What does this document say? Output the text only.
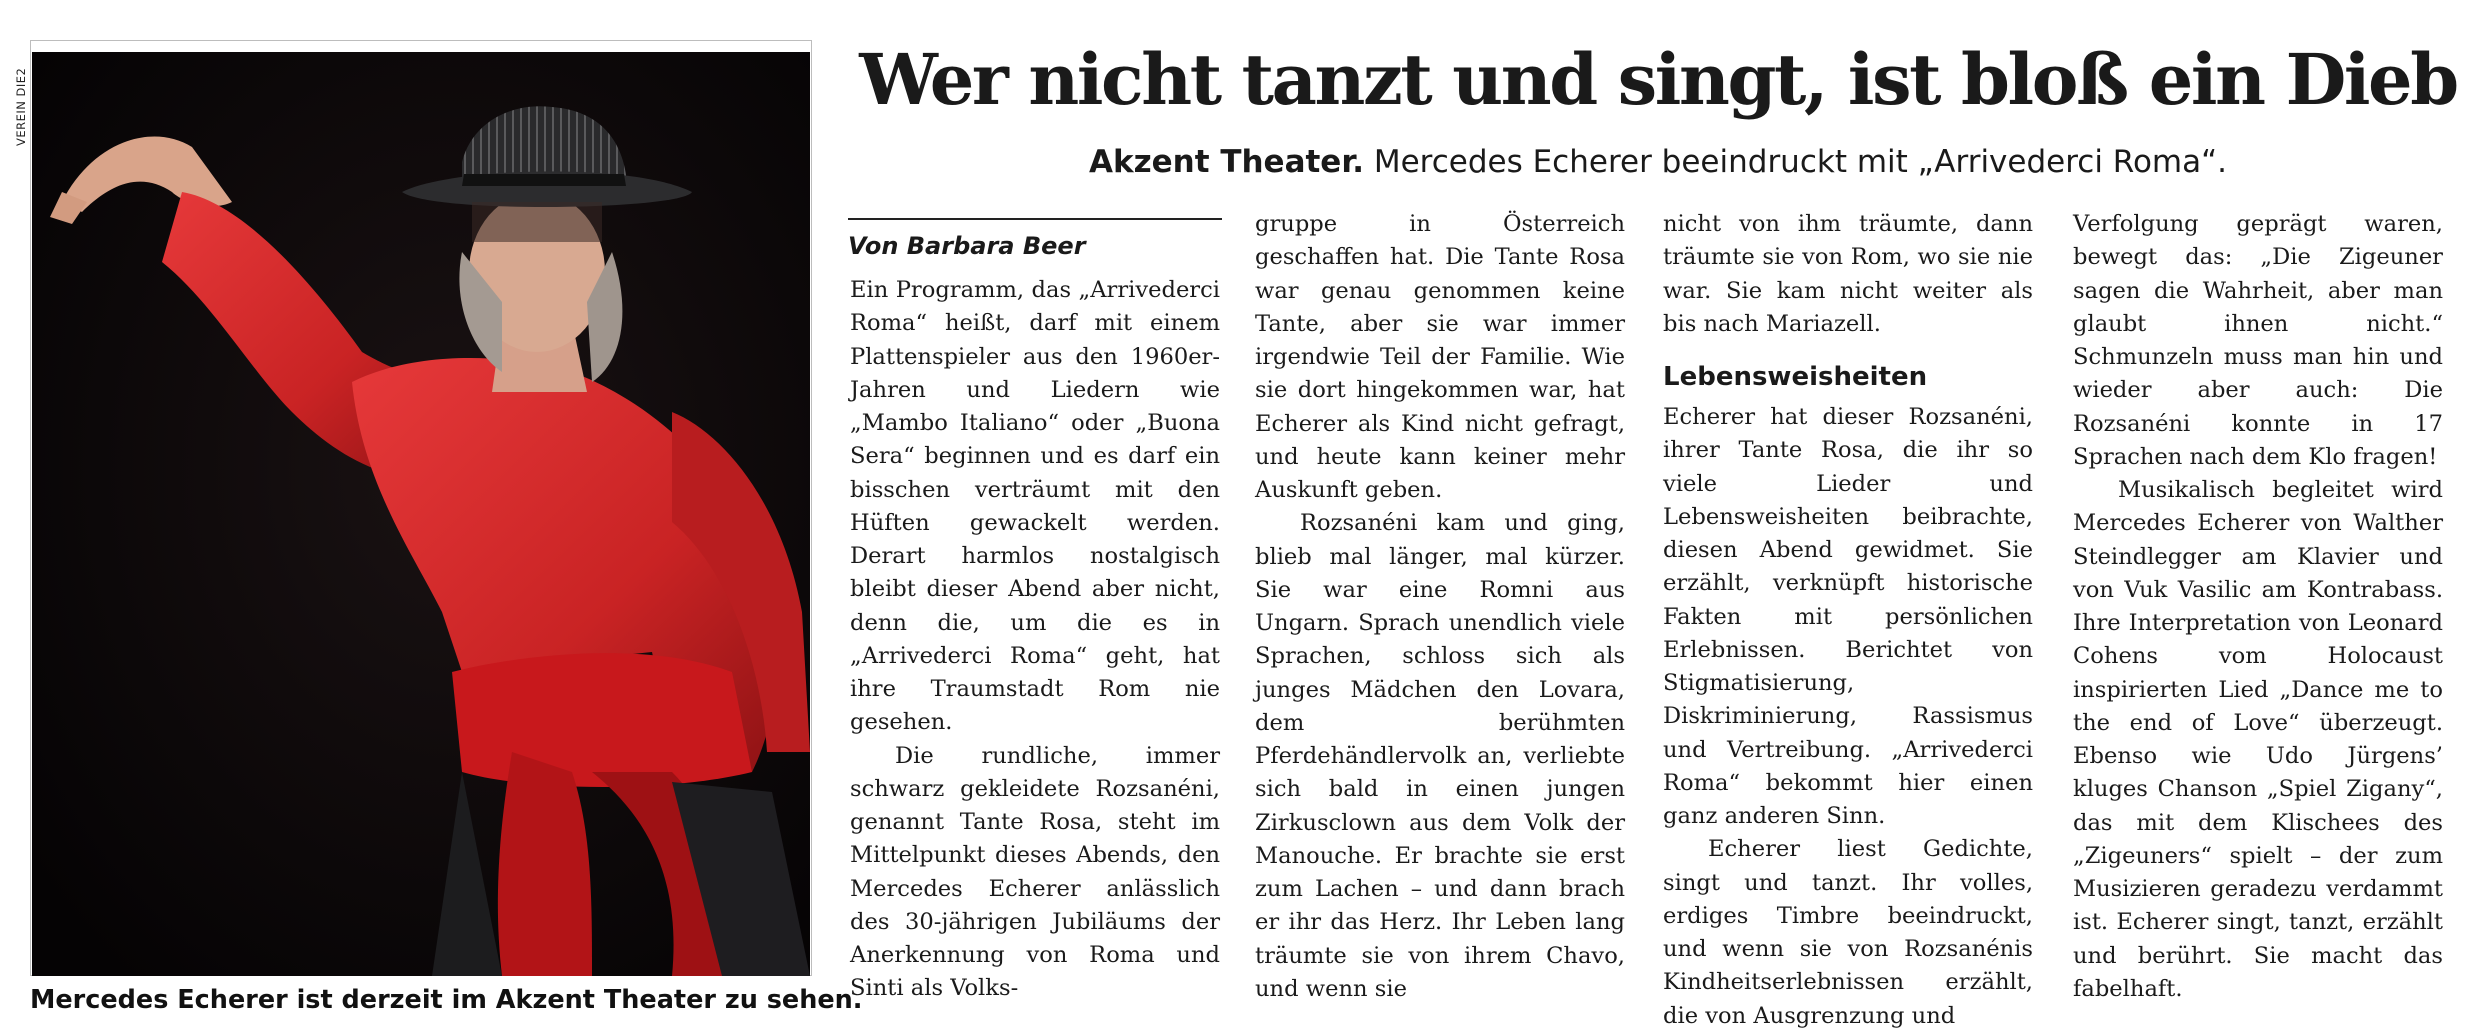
VEREIN DIE2
Mercedes Echerer ist derzeit im Akzent Theater zu sehen.
Wer nicht tanzt und singt, ist bloß ein Dieb
Akzent Theater. Mercedes Echerer beeindruckt mit „Arrivederci Roma“.
Von Barbara Beer

Ein Programm, das „Arrivederci Roma“ heißt, darf mit einem Plattenspieler aus den 1960er-Jahren und Liedern wie „Mambo Italiano“ oder „Buona Sera“ beginnen und es darf ein bisschen verträumt mit den Hüften gewackelt werden. Derart harmlos nostalgisch bleibt dieser Abend aber nicht, denn die, um die es in „Arrivederci Roma“ geht, hat ihre Traumstadt Rom nie gesehen.

Die rundliche, immer schwarz gekleidete Rozsanéni, genannt Tante Rosa, steht im Mittelpunkt dieses Abends, den Mercedes Echerer anlässlich des 30-jährigen Jubiläums der Anerkennung von Roma und Sinti als Volks-

gruppe in Österreich geschaffen hat. Die Tante Rosa war genau genommen keine Tante, aber sie war immer irgendwie Teil der Familie. Wie sie dort hingekommen war, hat Echerer als Kind nicht gefragt, und heute kann keiner mehr Auskunft geben.

Rozsanéni kam und ging, blieb mal länger, mal kürzer. Sie war eine Romni aus Ungarn. Sprach unendlich viele Sprachen, schloss sich als junges Mädchen den Lovara, dem berühmten Pferdehändlervolk an, verliebte sich bald in einen jungen Zirkusclown aus dem Volk der Manouche. Er brachte sie erst zum Lachen – und dann brach er ihr das Herz. Ihr Leben lang träumte sie von ihrem Chavo, und wenn sie

nicht von ihm träumte, dann träumte sie von Rom, wo sie nie war. Sie kam nicht weiter als bis nach Mariazell.

Lebensweisheiten

Echerer hat dieser Rozsanéni, ihrer Tante Rosa, die ihr so viele Lieder und Lebensweisheiten beibrachte, diesen Abend gewidmet. Sie erzählt, verknüpft historische Fakten mit persönlichen Erlebnissen. Berichtet von Stigmatisierung, Diskriminierung, Rassismus und Vertreibung. „Arrivederci Roma“ bekommt hier einen ganz anderen Sinn.

Echerer liest Gedichte, singt und tanzt. Ihr volles, erdiges Timbre beeindruckt, und wenn sie von Rozsanénis Kindheitserlebnissen erzählt, die von Ausgrenzung und

Verfolgung geprägt waren, bewegt das: „Die Zigeuner sagen die Wahrheit, aber man glaubt ihnen nicht.“ Schmunzeln muss man hin und wieder aber auch: Die Rozsanéni konnte in 17 Sprachen nach dem Klo fragen!

Musikalisch begleitet wird Mercedes Echerer von Walther Steindlegger am Klavier und von Vuk Vasilic am Kontrabass. Ihre Interpretation von Leonard Cohens vom Holocaust inspirierten Lied „Dance me to the end of Love“ überzeugt. Ebenso wie Udo Jürgens’ kluges Chanson „Spiel Zigany“, das mit dem Klischees des „Zigeuners“ spielt – der zum Musizieren geradezu verdammt ist. Echerer singt, tanzt, erzählt und berührt. Sie macht das fabelhaft.
